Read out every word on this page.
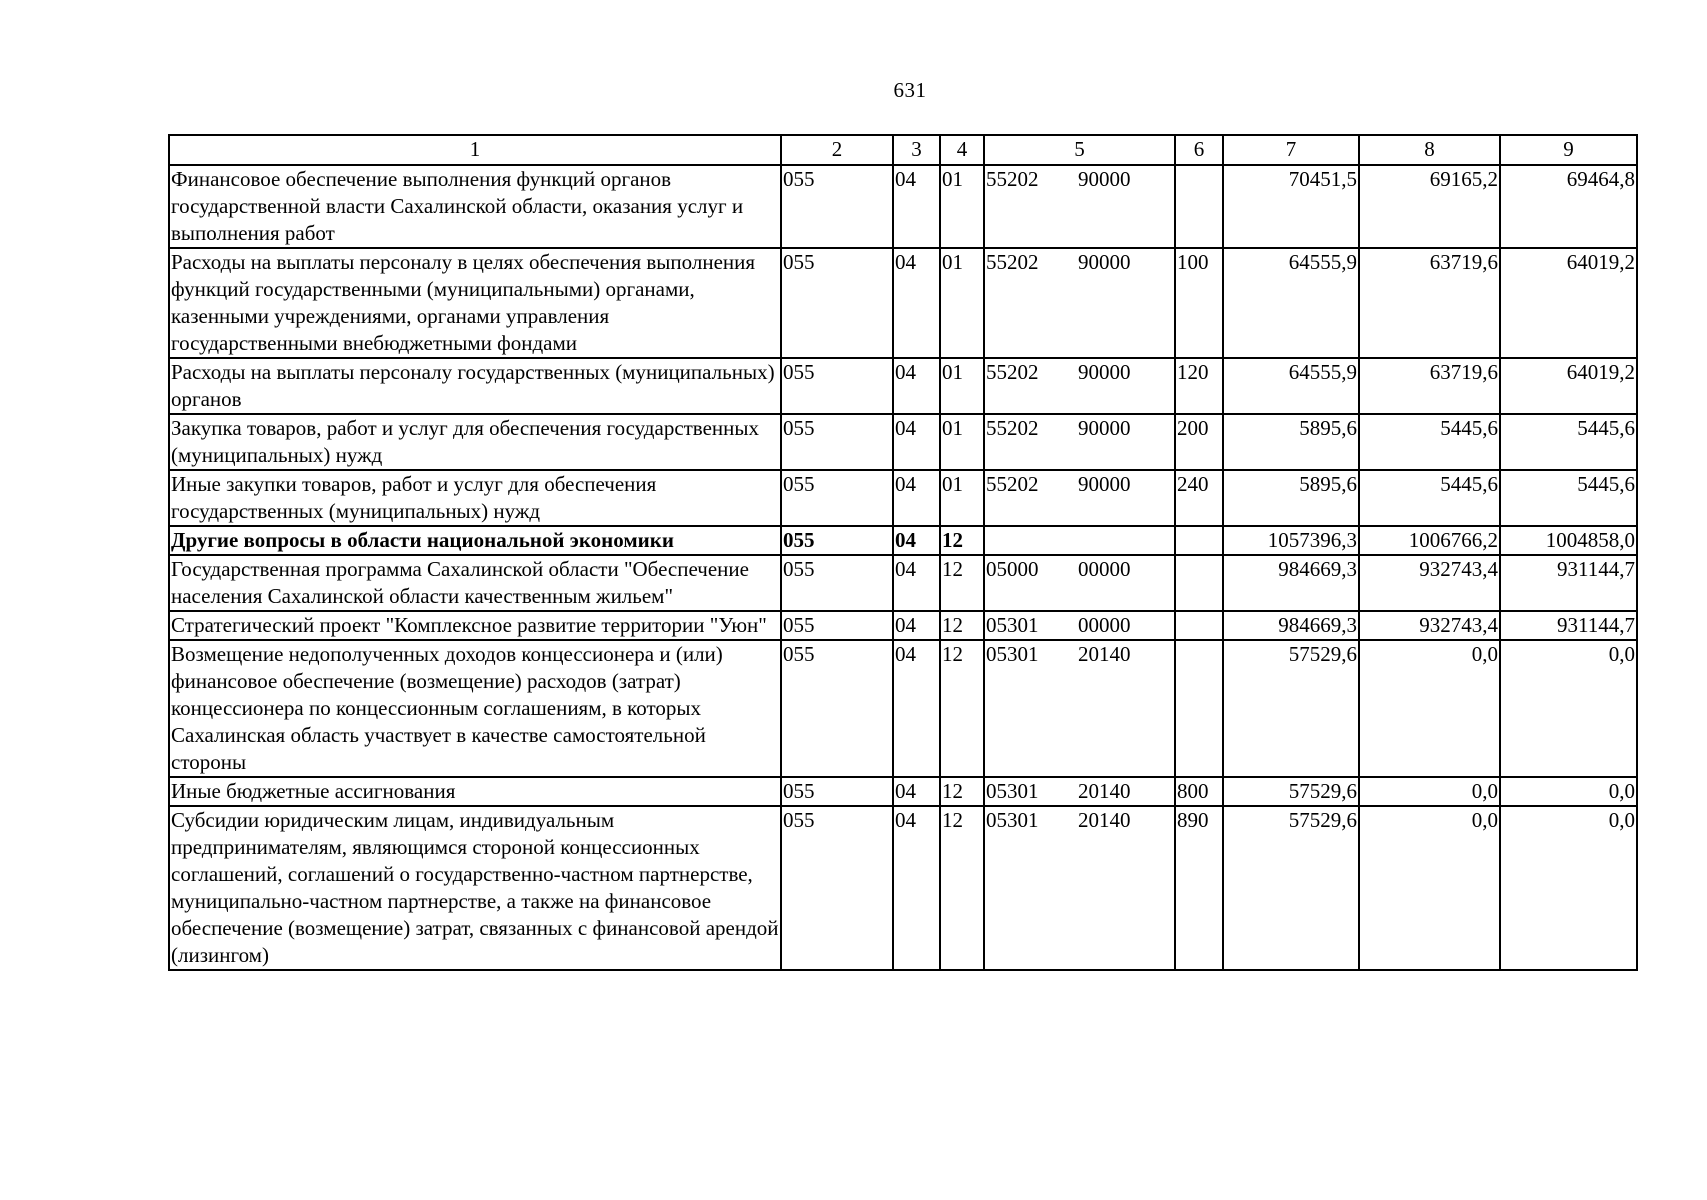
631
1	2	3	4	5	6	7	8	9
Финансовое обеспечение выполнения функций органов государственной власти Сахалинской области, оказания услуг и выполнения работ	055	04	01	55202 90000		70451,5	69165,2	69464,8
Расходы на выплаты персоналу в целях обеспечения выполнения функций государственными (муниципальными) органами, казенными учреждениями, органами управления государственными внебюджетными фондами	055	04	01	55202 90000	100	64555,9	63719,6	64019,2
Расходы на выплаты персоналу государственных (муниципальных) органов	055	04	01	55202 90000	120	64555,9	63719,6	64019,2
Закупка товаров, работ и услуг для обеспечения государственных (муниципальных) нужд	055	04	01	55202 90000	200	5895,6	5445,6	5445,6
Иные закупки товаров, работ и услуг для обеспечения государственных (муниципальных) нужд	055	04	01	55202 90000	240	5895,6	5445,6	5445,6
Другие вопросы в области национальной экономики	055	04	12			1057396,3	1006766,2	1004858,0
Государственная программа Сахалинской области "Обеспечение населения Сахалинской области качественным жильем"	055	04	12	05000 00000		984669,3	932743,4	931144,7
Стратегический проект "Комплексное развитие территории "Уюн"	055	04	12	05301 00000		984669,3	932743,4	931144,7
Возмещение недополученных доходов концессионера и (или) финансовое обеспечение (возмещение) расходов (затрат) концессионера по концессионным соглашениям, в которых Сахалинская область участвует в качестве самостоятельной стороны	055	04	12	05301 20140		57529,6	0,0	0,0
Иные бюджетные ассигнования	055	04	12	05301 20140	800	57529,6	0,0	0,0
Субсидии юридическим лицам, индивидуальным предпринимателям, являющимся стороной концессионных соглашений, соглашений о государственно-частном партнерстве, муниципально-частном партнерстве, а также на финансовое обеспечение (возмещение) затрат, связанных с финансовой арендой (лизингом)	055	04	12	05301 20140	890	57529,6	0,0	0,0
